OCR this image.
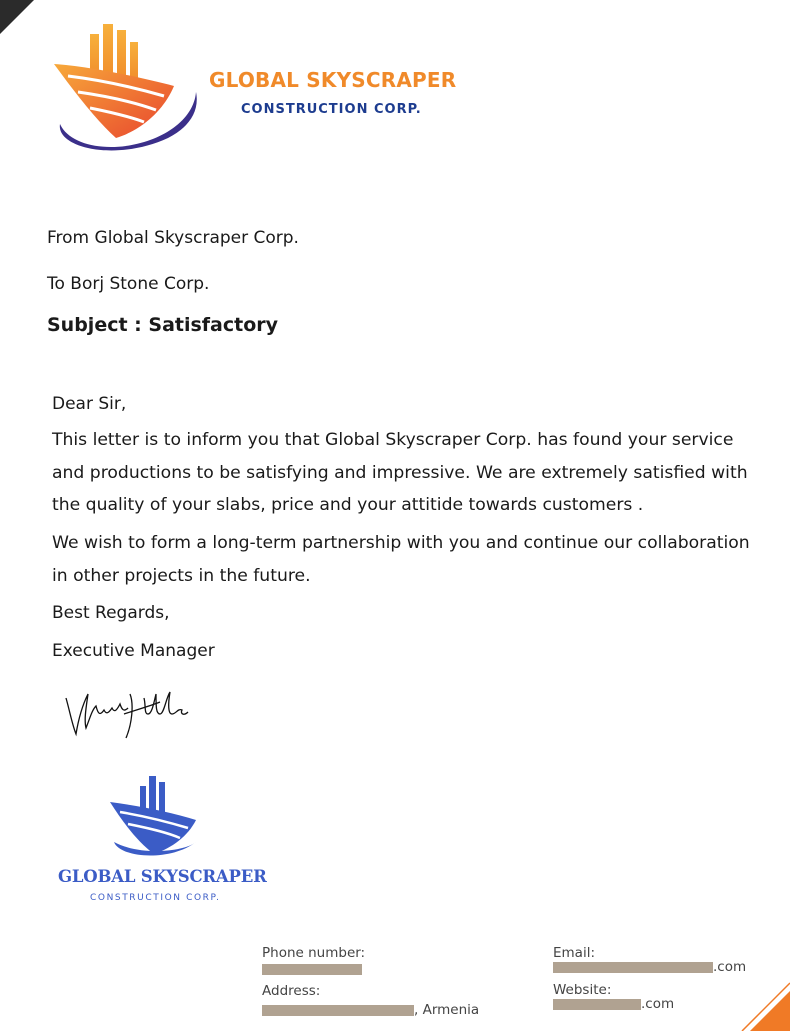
GLOBAL SKYSCRAPER
CONSTRUCTION CORP.
From Global Skyscraper Corp.
To Borj Stone Corp.
Subject : Satisfactory
Dear Sir,
This letter is to inform you that Global Skyscraper Corp. has found your service and productions to be satisfying and impressive. We are extremely satisfied with the quality of your slabs, price and your attitide towards customers .
We wish to form a long-term partnership with you and continue our collaboration in other projects in the future.
Best Regards,
Executive Manager
GLOBAL SKYSCRAPER
CONSTRUCTION CORP.
Phone number:
Address:
, Armenia
Email:
.com
Website:
.com
